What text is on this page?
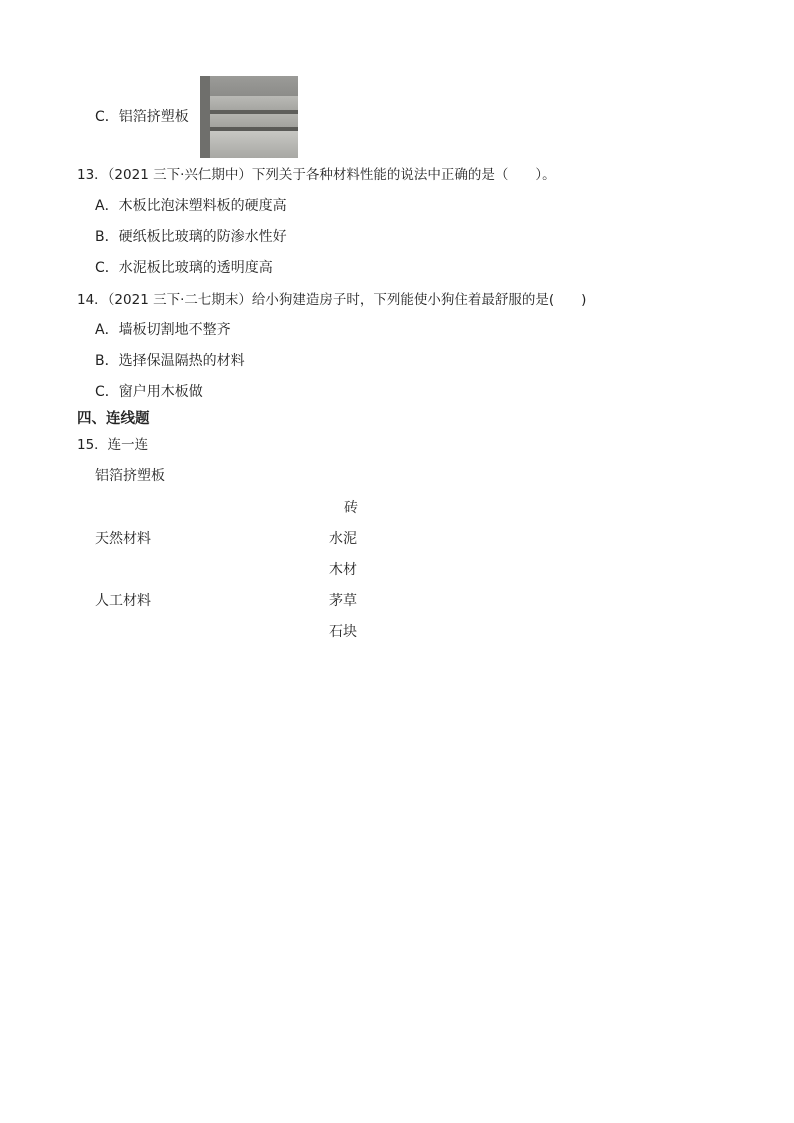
C．铝箔挤塑板
13．（2021 三下·兴仁期中）下列关于各种材料性能的说法中正确的是（　　）。
A．木板比泡沫塑料板的硬度高
B．硬纸板比玻璃的防渗水性好
C．水泥板比玻璃的透明度高
14．（2021 三下·二七期末）给小狗建造房子时，下列能使小狗住着最舒服的是(　　)
A．墙板切割地不整齐
B．选择保温隔热的材料
C．窗户用木板做
四、连线题
15．连一连
铝箔挤塑板
天然材料
人工材料
砖
水泥
木材
茅草
石块
